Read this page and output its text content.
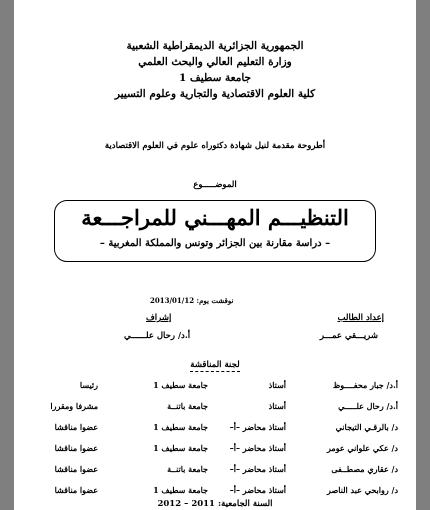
الجمهورية الجزائرية الديمقراطية الشعبية
وزارة التعليم العالي والبحث العلمي
جامعة سطيف 1
كلية العلوم الاقتصادية والتجارية وعلوم التسيير
أطروحة مقدمة لنيل شهادة دكتوراه علوم في العلوم الاقتصادية
الموضـــــوع
التنظيـــم المهـــني للمراجـــعة
– دراسة مقارنة بين الجزائر وتونس والمملكة المغربية –
نوقشت يوم: 2013/01/12
إعداد الطالب
إشراف
شريـــقي عمـــر
أ.د/ رحال علــــــي
لجنة المناقشة
أ.د/ جبار محفــــوظ
أستاذ
جامعة سطيف 1
رئيسا
أ.د/ رحال علـــــي
أستاذ
جامعة باتنــة
مشرفا ومقررا
د/ بالرقـي التيجاني
أستاذ محاضر –أ–
جامعة سطيف 1
عضوا مناقشا
د/ عكي علواني عومر
أستاذ محاضر –أ–
جامعة سطيف 1
عضوا مناقشا
د/ عقاري مصطــفى
أستاذ محاضر –أ–
جامعة باتنــة
عضوا مناقشا
د/ روابحي عبد الناصر
أستاذ محاضر –أ–
جامعة سطيف 1
عضوا مناقشا
السنة الجامعية: 2011 – 2012
